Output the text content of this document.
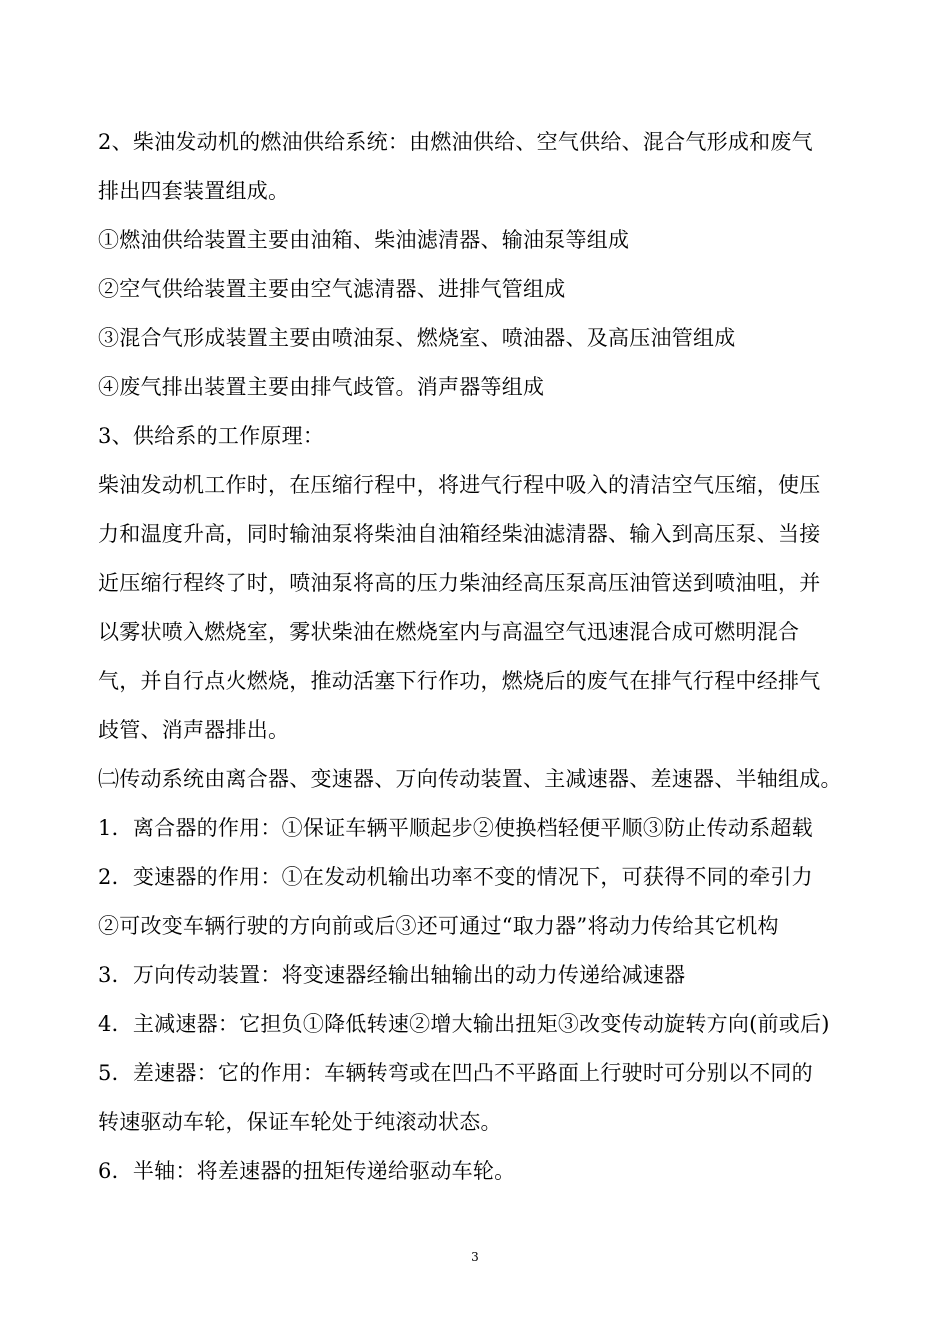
2、柴油发动机的燃油供给系统：由燃油供给、空气供给、混合气形成和废气
排出四套装置组成。
①燃油供给装置主要由油箱、柴油滤清器、输油泵等组成
②空气供给装置主要由空气滤清器、进排气管组成
③混合气形成装置主要由喷油泵、燃烧室、喷油器、及高压油管组成
④废气排出装置主要由排气歧管。消声器等组成
3、供给系的工作原理：
柴油发动机工作时，在压缩行程中，将进气行程中吸入的清洁空气压缩，使压
力和温度升高，同时输油泵将柴油自油箱经柴油滤清器、输入到高压泵、当接
近压缩行程终了时，喷油泵将高的压力柴油经高压泵高压油管送到喷油咀，并
以雾状喷入燃烧室，雾状柴油在燃烧室内与高温空气迅速混合成可燃明混合
气，并自行点火燃烧，推动活塞下行作功，燃烧后的废气在排气行程中经排气
歧管、消声器排出。
㈡传动系统由离合器、变速器、万向传动装置、主减速器、差速器、半轴组成。
1．离合器的作用：①保证车辆平顺起步②使换档轻便平顺③防止传动系超载
2．变速器的作用：①在发动机输出功率不变的情况下，可获得不同的牵引力
②可改变车辆行驶的方向前或后③还可通过“取力器”将动力传给其它机构
3．万向传动装置：将变速器经输出轴输出的动力传递给减速器
4．主减速器：它担负①降低转速②增大输出扭矩③改变传动旋转方向(前或后)
5．差速器：它的作用：车辆转弯或在凹凸不平路面上行驶时可分别以不同的
转速驱动车轮，保证车轮处于纯滚动状态。
6．半轴：将差速器的扭矩传递给驱动车轮。
3
